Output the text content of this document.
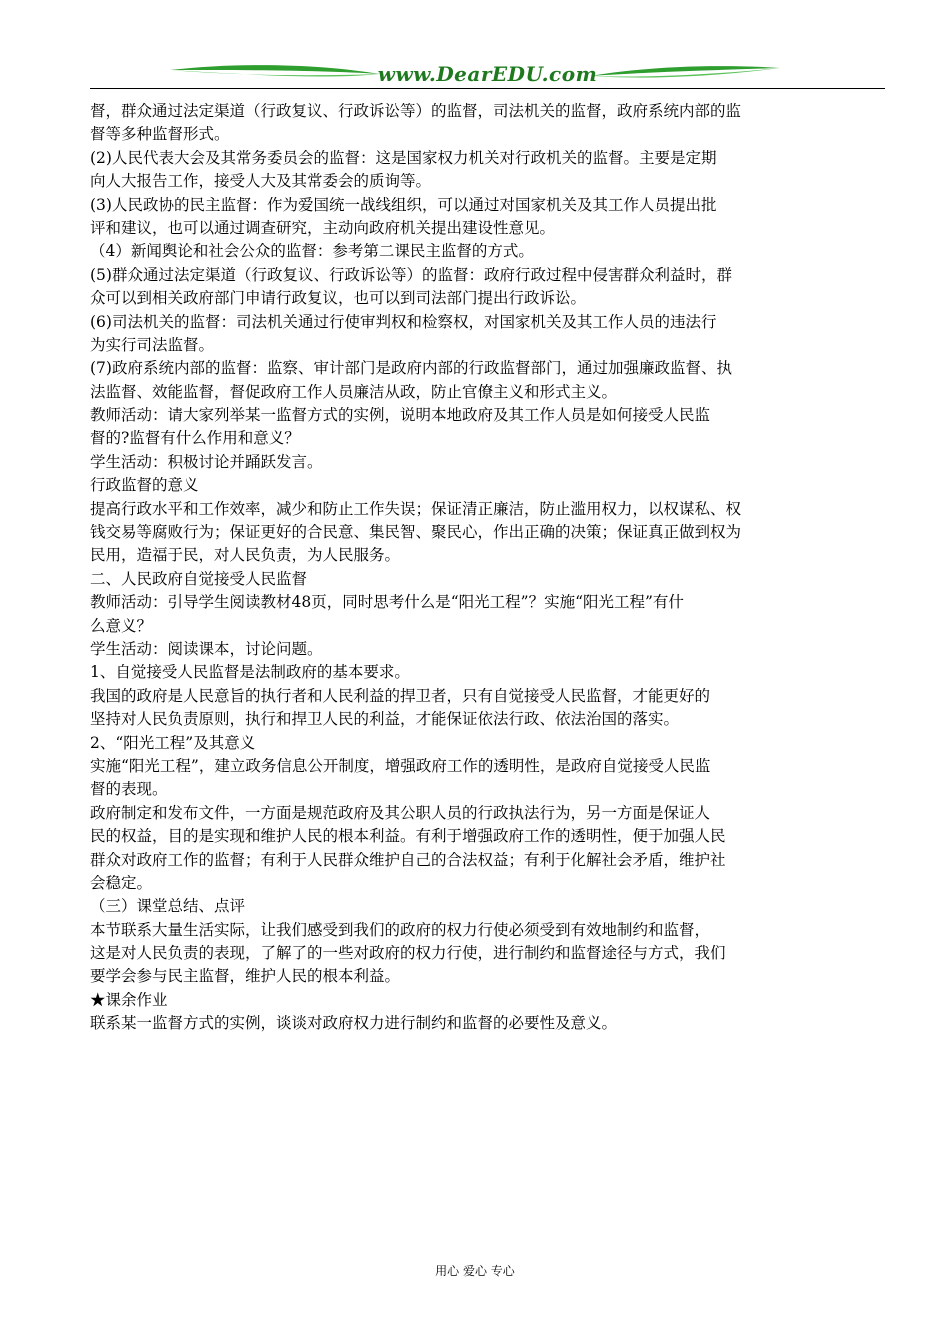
www.DearEDU.com
督，群众通过法定渠道（行政复议、行政诉讼等）的监督，司法机关的监督，政府系统内部的监
督等多种监督形式。
(2)人民代表大会及其常务委员会的监督：这是国家权力机关对行政机关的监督。主要是定期
向人大报告工作，接受人大及其常委会的质询等。
(3)人民政协的民主监督：作为爱国统一战线组织，可以通过对国家机关及其工作人员提出批
评和建议，也可以通过调查研究，主动向政府机关提出建设性意见。
（4）新闻舆论和社会公众的监督：参考第二课民主监督的方式。
(5)群众通过法定渠道（行政复议、行政诉讼等）的监督：政府行政过程中侵害群众利益时，群
众可以到相关政府部门申请行政复议，也可以到司法部门提出行政诉讼。
(6)司法机关的监督：司法机关通过行使审判权和检察权，对国家机关及其工作人员的违法行
为实行司法监督。
(7)政府系统内部的监督：监察、审计部门是政府内部的行政监督部门，通过加强廉政监督、执
法监督、效能监督，督促政府工作人员廉洁从政，防止官僚主义和形式主义。
教师活动：请大家列举某一监督方式的实例，说明本地政府及其工作人员是如何接受人民监
督的?监督有什么作用和意义？
学生活动：积极讨论并踊跃发言。
行政监督的意义
提高行政水平和工作效率，减少和防止工作失误；保证清正廉洁，防止滥用权力，以权谋私、权
钱交易等腐败行为；保证更好的合民意、集民智、聚民心，作出正确的决策；保证真正做到权为
民用，造福于民，对人民负责，为人民服务。
二、人民政府自觉接受人民监督
教师活动：引导学生阅读教材48页，同时思考什么是“阳光工程”？实施“阳光工程”有什
么意义？
学生活动：阅读课本，讨论问题。
1、自觉接受人民监督是法制政府的基本要求。
我国的政府是人民意旨的执行者和人民利益的捍卫者，只有自觉接受人民监督，才能更好的
坚持对人民负责原则，执行和捍卫人民的利益，才能保证依法行政、依法治国的落实。
2、“阳光工程”及其意义
实施“阳光工程”，建立政务信息公开制度，增强政府工作的透明性，是政府自觉接受人民监
督的表现。
政府制定和发布文件，一方面是规范政府及其公职人员的行政执法行为，另一方面是保证人
民的权益，目的是实现和维护人民的根本利益。有利于增强政府工作的透明性，便于加强人民
群众对政府工作的监督；有利于人民群众维护自己的合法权益；有利于化解社会矛盾，维护社
会稳定。
（三）课堂总结、点评
本节联系大量生活实际，让我们感受到我们的政府的权力行使必须受到有效地制约和监督，
这是对人民负责的表现，了解了的一些对政府的权力行使，进行制约和监督途径与方式，我们
要学会参与民主监督，维护人民的根本利益。
★课余作业
联系某一监督方式的实例，谈谈对政府权力进行制约和监督的必要性及意义。
用心 爱心 专心
